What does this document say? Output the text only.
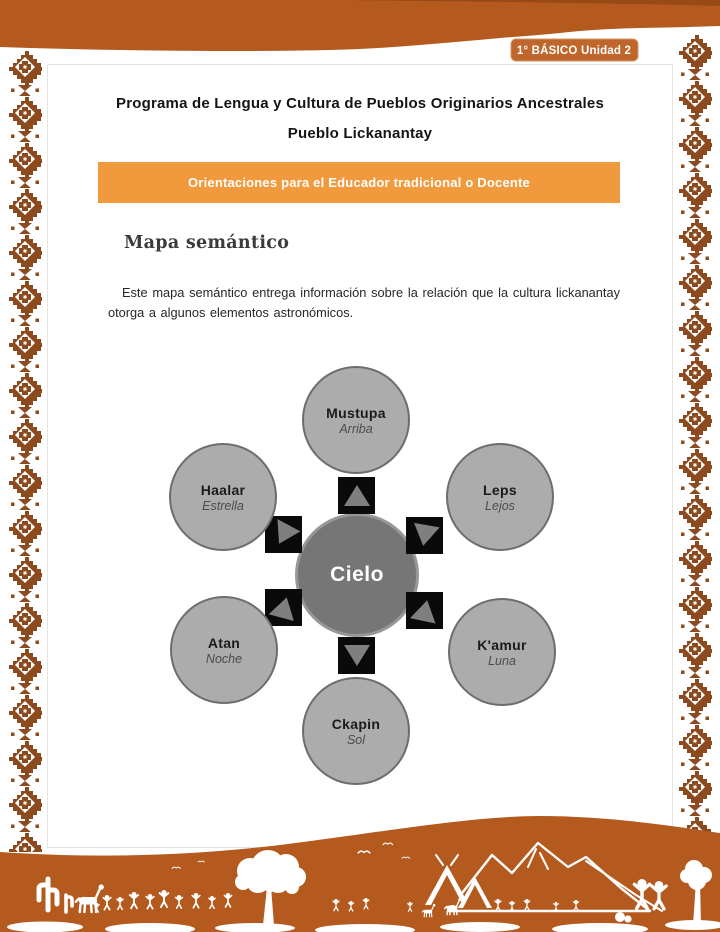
1° BÁSICO Unidad 2
Programa de Lengua y Cultura de Pueblos Originarios Ancestrales
Pueblo Lickanantay
Orientaciones para el Educador tradicional o Docente
Mapa semántico
Este mapa semántico entrega información sobre la relación que la cultura lickanantay otorga a algunos elementos astronómicos.
Cielo
Mustupa
Arriba
Leps
Lejos
K'amur
Luna
Ckapin
Sol
Atan
Noche
Haalar
Estrella
